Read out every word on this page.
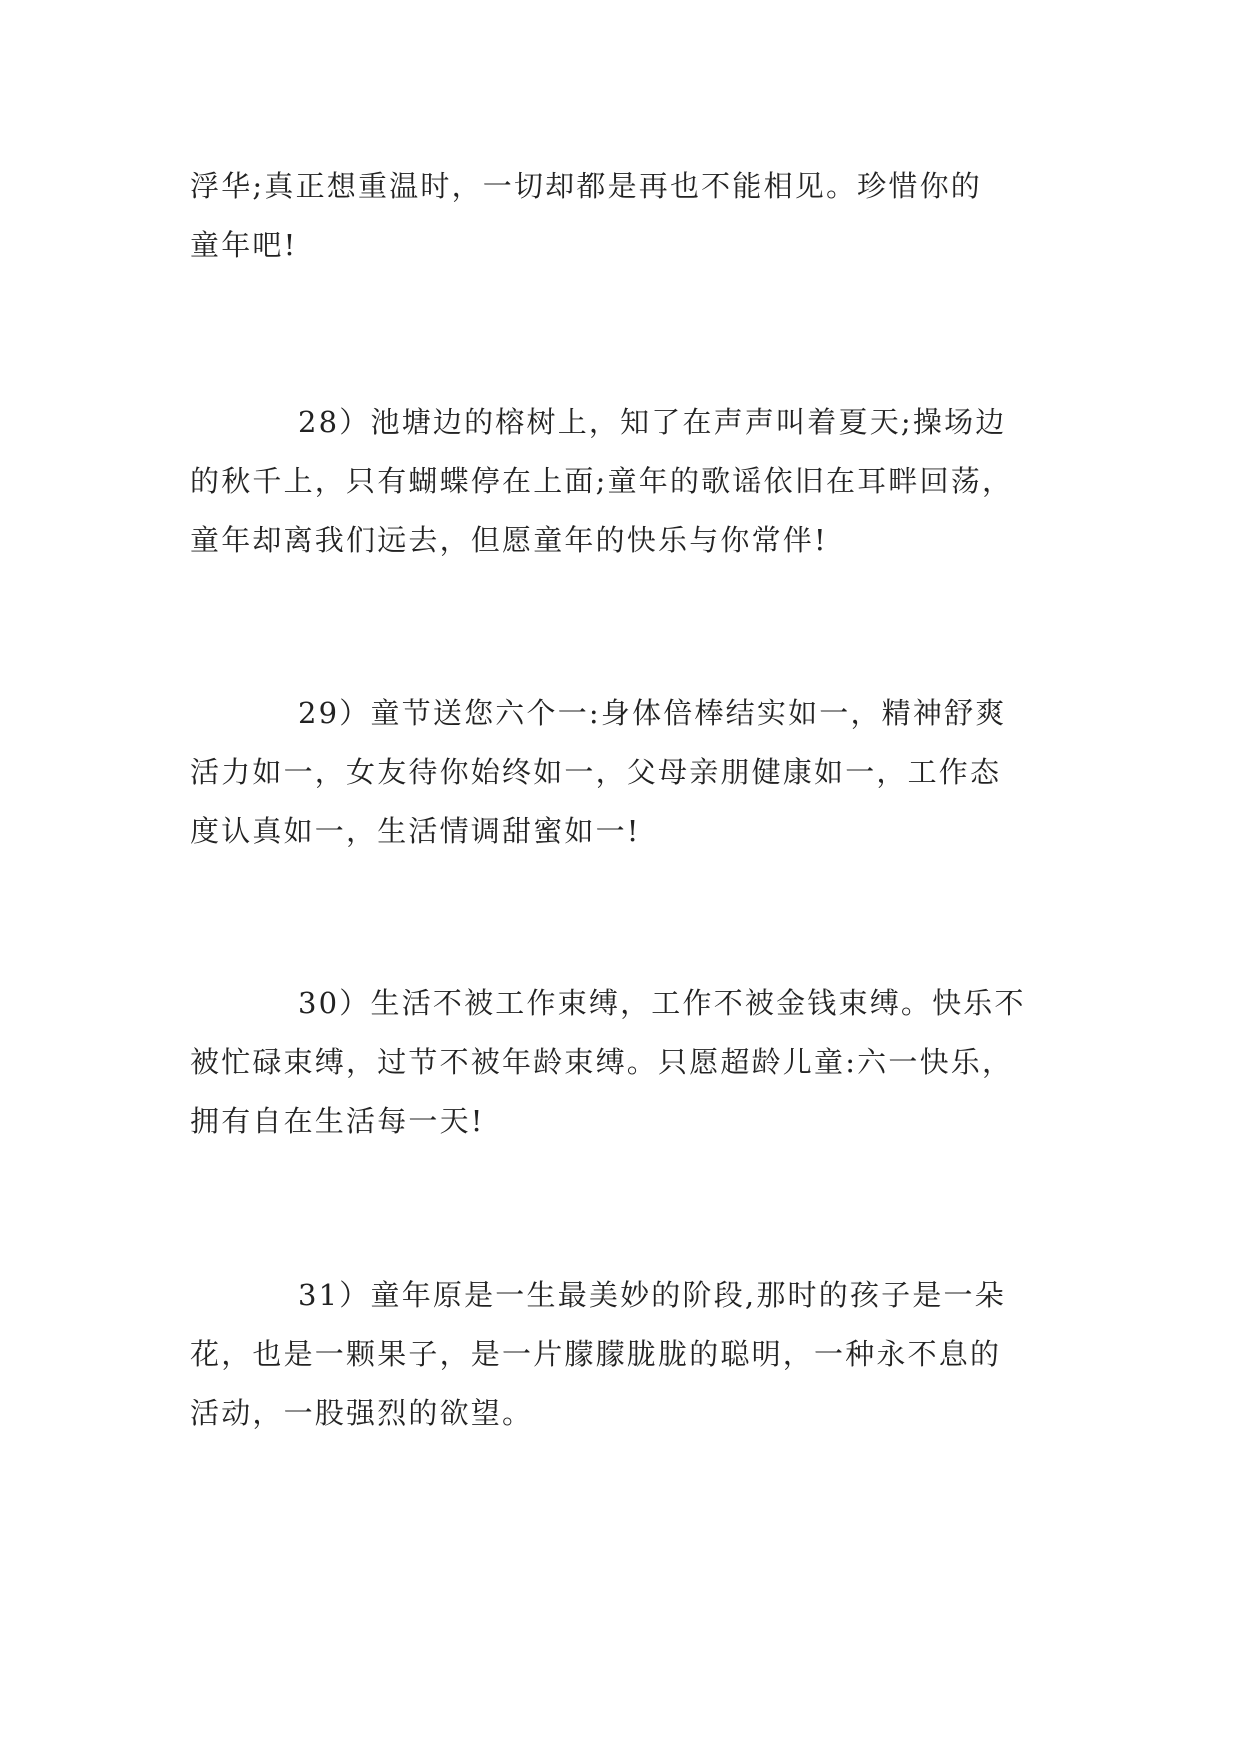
浮华;真正想重温时，一切却都是再也不能相见。珍惜你的
童年吧!

28）池塘边的榕树上，知了在声声叫着夏天;操场边
的秋千上，只有蝴蝶停在上面;童年的歌谣依旧在耳畔回荡，
童年却离我们远去，但愿童年的快乐与你常伴!

29）童节送您六个一:身体倍棒结实如一，精神舒爽
活力如一，女友待你始终如一，父母亲朋健康如一，工作态
度认真如一，生活情调甜蜜如一!

30）生活不被工作束缚，工作不被金钱束缚。快乐不
被忙碌束缚，过节不被年龄束缚。只愿超龄儿童:六一快乐，
拥有自在生活每一天!

31）童年原是一生最美妙的阶段,那时的孩子是一朵
花，也是一颗果子，是一片朦朦胧胧的聪明，一种永不息的
活动，一股强烈的欲望。
